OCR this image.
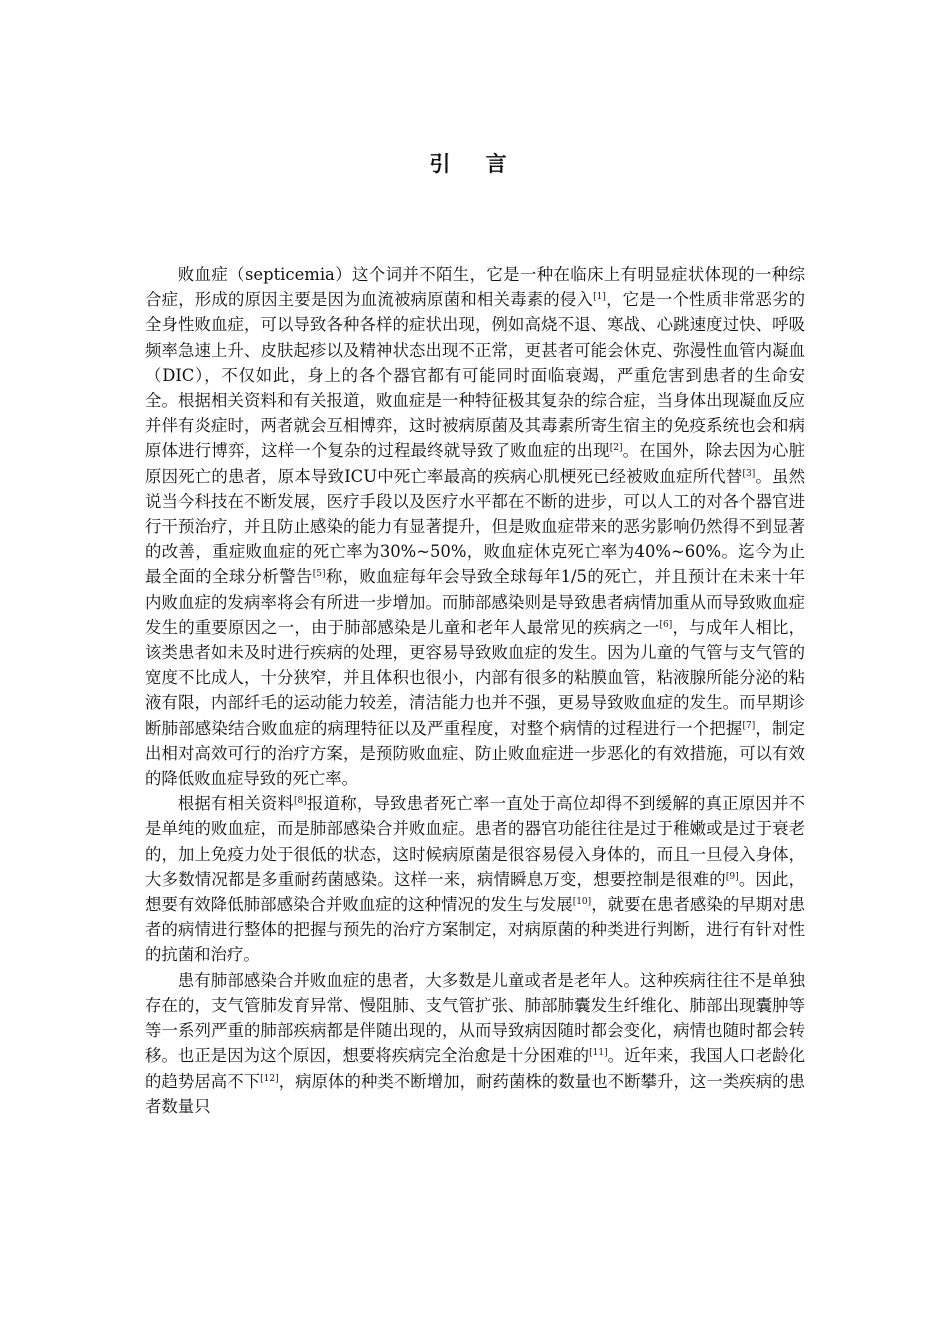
引 言

败血症（septicemia）这个词并不陌生，它是一种在临床上有明显症状体现的一种综合症，形成的原因主要是因为血流被病原菌和相关毒素的侵入[1]，它是一个性质非常恶劣的全身性败血症，可以导致各种各样的症状出现，例如高烧不退、寒战、心跳速度过快、呼吸频率急速上升、皮肤起疹以及精神状态出现不正常，更甚者可能会休克、弥漫性血管内凝血（DIC），不仅如此，身上的各个器官都有可能同时面临衰竭，严重危害到患者的生命安全。根据相关资料和有关报道，败血症是一种特征极其复杂的综合症，当身体出现凝血反应并伴有炎症时，两者就会互相博弈，这时被病原菌及其毒素所寄生宿主的免疫系统也会和病原体进行博弈，这样一个复杂的过程最终就导致了败血症的出现[2]。在国外，除去因为心脏原因死亡的患者，原本导致ICU中死亡率最高的疾病心肌梗死已经被败血症所代替[3]。虽然说当今科技在不断发展，医疗手段以及医疗水平都在不断的进步，可以人工的对各个器官进行干预治疗，并且防止感染的能力有显著提升，但是败血症带来的恶劣影响仍然得不到显著的改善，重症败血症的死亡率为30%~50%，败血症休克死亡率为40%~60%。迄今为止最全面的全球分析警告[5]称，败血症每年会导致全球每年1/5的死亡，并且预计在未来十年内败血症的发病率将会有所进一步增加。而肺部感染则是导致患者病情加重从而导致败血症发生的重要原因之一，由于肺部感染是儿童和老年人最常见的疾病之一[6]，与成年人相比，该类患者如未及时进行疾病的处理，更容易导致败血症的发生。因为儿童的气管与支气管的宽度不比成人，十分狭窄，并且体积也很小，内部有很多的粘膜血管，粘液腺所能分泌的粘液有限，内部纤毛的运动能力较差，清洁能力也并不强，更易导致败血症的发生。而早期诊断肺部感染结合败血症的病理特征以及严重程度，对整个病情的过程进行一个把握[7]，制定出相对高效可行的治疗方案，是预防败血症、防止败血症进一步恶化的有效措施，可以有效的降低败血症导致的死亡率。

根据有相关资料[8]报道称，导致患者死亡率一直处于高位却得不到缓解的真正原因并不是单纯的败血症，而是肺部感染合并败血症。患者的器官功能往往是过于稚嫩或是过于衰老的，加上免疫力处于很低的状态，这时候病原菌是很容易侵入身体的，而且一旦侵入身体，大多数情况都是多重耐药菌感染。这样一来，病情瞬息万变，想要控制是很难的[9]。因此，想要有效降低肺部感染合并败血症的这种情况的发生与发展[10]，就要在患者感染的早期对患者的病情进行整体的把握与预先的治疗方案制定，对病原菌的种类进行判断，进行有针对性的抗菌和治疗。

患有肺部感染合并败血症的患者，大多数是儿童或者是老年人。这种疾病往往不是单独存在的，支气管肺发育异常、慢阻肺、支气管扩张、肺部肺囊发生纤维化、肺部出现囊肿等等一系列严重的肺部疾病都是伴随出现的，从而导致病因随时都会变化，病情也随时都会转移。也正是因为这个原因，想要将疾病完全治愈是十分困难的[11]。近年来，我国人口老龄化的趋势居高不下[12]，病原体的种类不断增加，耐药菌株的数量也不断攀升，这一类疾病的患者数量只
